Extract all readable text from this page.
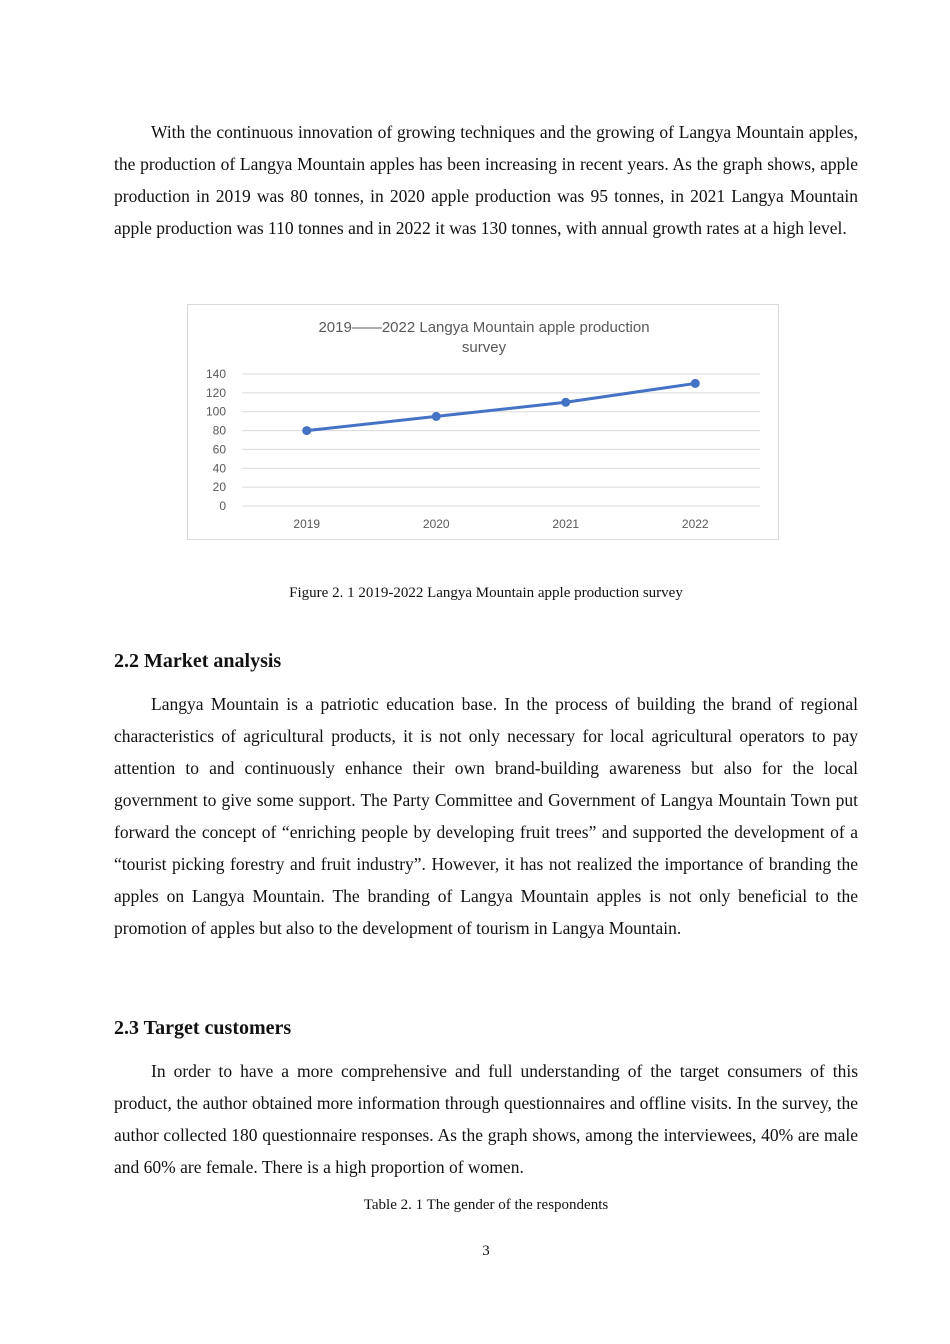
With the continuous innovation of growing techniques and the growing of Langya Mountain apples, the production of Langya Mountain apples has been increasing in recent years. As the graph shows, apple production in 2019 was 80 tonnes, in 2020 apple production was 95 tonnes, in 2021 Langya Mountain apple production was 110 tonnes and in 2022 it was 130 tonnes, with annual growth rates at a high level.

2019——2022 Langya Mountain apple production
survey
0
20
40
60
80
100
120
140
2019	2020	2021	2022

Figure 2. 1 2019-2022 Langya Mountain apple production survey

2.2 Market analysis

Langya Mountain is a patriotic education base. In the process of building the brand of regional characteristics of agricultural products, it is not only necessary for local agricultural operators to pay attention to and continuously enhance their own brand-building awareness but also for the local government to give some support. The Party Committee and Government of Langya Mountain Town put forward the concept of “enriching people by developing fruit trees” and supported the development of a “tourist picking forestry and fruit industry”. However, it has not realized the importance of branding the apples on Langya Mountain. The branding of Langya Mountain apples is not only beneficial to the promotion of apples but also to the development of tourism in Langya Mountain.

2.3 Target customers

In order to have a more comprehensive and full understanding of the target consumers of this product, the author obtained more information through questionnaires and offline visits. In the survey, the author collected 180 questionnaire responses. As the graph shows, among the interviewees, 40% are male and 60% are female. There is a high proportion of women.

Table 2. 1 The gender of the respondents

3
